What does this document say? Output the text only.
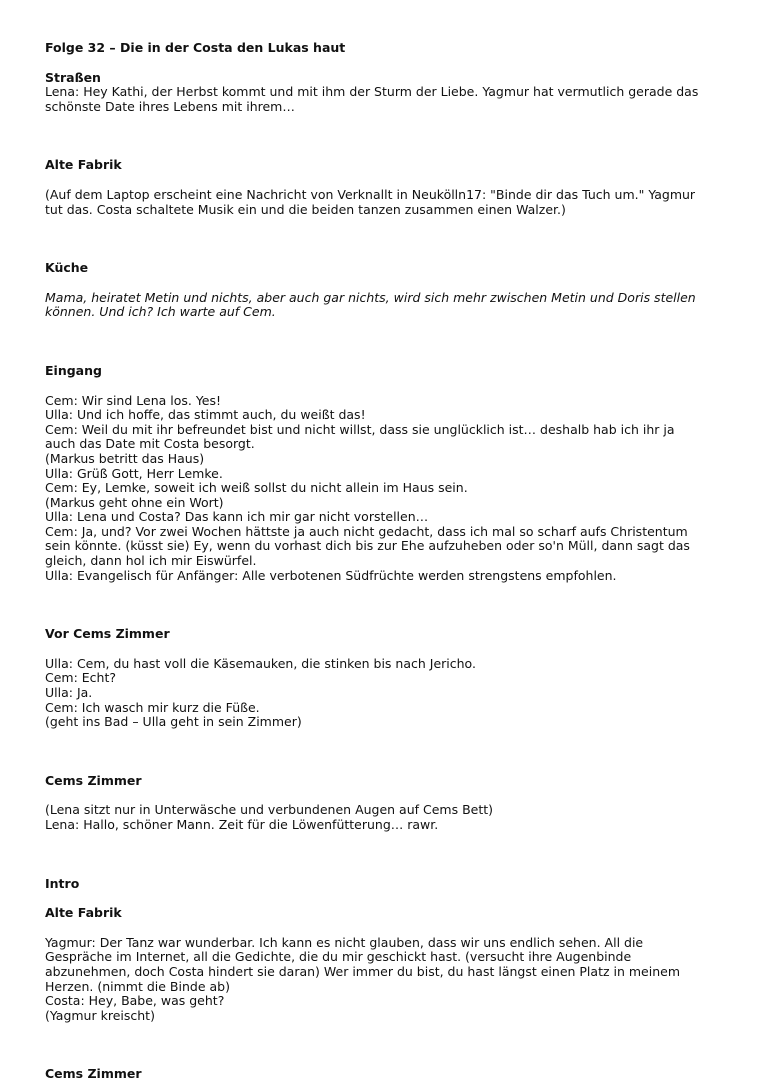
Folge 32 – Die in der Costa den Lukas haut
Straßen
Lena: Hey Kathi, der Herbst kommt und mit ihm der Sturm der Liebe. Yagmur hat vermutlich gerade das
schönste Date ihres Lebens mit ihrem…
Alte Fabrik
(Auf dem Laptop erscheint eine Nachricht von Verknallt in Neukölln17: "Binde dir das Tuch um." Yagmur
tut das. Costa schaltete Musik ein und die beiden tanzen zusammen einen Walzer.)
Küche
Mama, heiratet Metin und nichts, aber auch gar nichts, wird sich mehr zwischen Metin und Doris stellen
können. Und ich? Ich warte auf Cem.
Eingang
Cem: Wir sind Lena los. Yes!
Ulla: Und ich hoffe, das stimmt auch, du weißt das!
Cem: Weil du mit ihr befreundet bist und nicht willst, dass sie unglücklich ist… deshalb hab ich ihr ja
auch das Date mit Costa besorgt.
(Markus betritt das Haus)
Ulla: Grüß Gott, Herr Lemke.
Cem: Ey, Lemke, soweit ich weiß sollst du nicht allein im Haus sein.
(Markus geht ohne ein Wort)
Ulla: Lena und Costa? Das kann ich mir gar nicht vorstellen…
Cem: Ja, und? Vor zwei Wochen hättste ja auch nicht gedacht, dass ich mal so scharf aufs Christentum
sein könnte. (küsst sie) Ey, wenn du vorhast dich bis zur Ehe aufzuheben oder so'n Müll, dann sagt das
gleich, dann hol ich mir Eiswürfel.
Ulla: Evangelisch für Anfänger: Alle verbotenen Südfrüchte werden strengstens empfohlen.
Vor Cems Zimmer
Ulla: Cem, du hast voll die Käsemauken, die stinken bis nach Jericho.
Cem: Echt?
Ulla: Ja.
Cem: Ich wasch mir kurz die Füße.
(geht ins Bad – Ulla geht in sein Zimmer)
Cems Zimmer
(Lena sitzt nur in Unterwäsche und verbundenen Augen auf Cems Bett)
Lena: Hallo, schöner Mann. Zeit für die Löwenfütterung… rawr.
Intro
Alte Fabrik
Yagmur: Der Tanz war wunderbar. Ich kann es nicht glauben, dass wir uns endlich sehen. All die
Gespräche im Internet, all die Gedichte, die du mir geschickt hast. (versucht ihre Augenbinde
abzunehmen, doch Costa hindert sie daran) Wer immer du bist, du hast längst einen Platz in meinem
Herzen. (nimmt die Binde ab)
Costa: Hey, Babe, was geht?
(Yagmur kreischt)
Cems Zimmer
